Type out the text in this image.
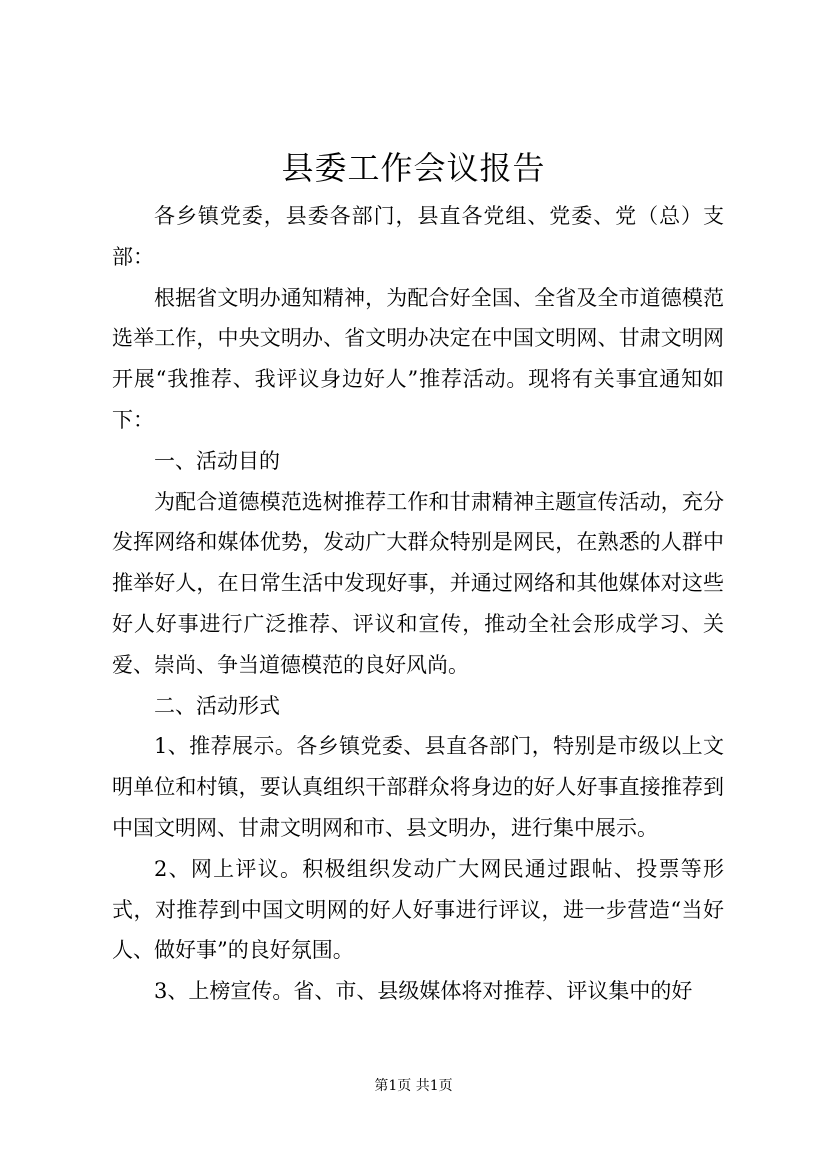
县委工作会议报告

各乡镇党委，县委各部门，县直各党组、党委、党（总）支部：

根据省文明办通知精神，为配合好全国、全省及全市道德模范选举工作，中央文明办、省文明办决定在中国文明网、甘肃文明网开展“我推荐、我评议身边好人”推荐活动。现将有关事宜通知如下：

一、活动目的

为配合道德模范选树推荐工作和甘肃精神主题宣传活动，充分发挥网络和媒体优势，发动广大群众特别是网民，在熟悉的人群中推举好人，在日常生活中发现好事，并通过网络和其他媒体对这些好人好事进行广泛推荐、评议和宣传，推动全社会形成学习、关爱、崇尚、争当道德模范的良好风尚。

二、活动形式

1、推荐展示。各乡镇党委、县直各部门，特别是市级以上文明单位和村镇，要认真组织干部群众将身边的好人好事直接推荐到中国文明网、甘肃文明网和市、县文明办，进行集中展示。

2、网上评议。积极组织发动广大网民通过跟帖、投票等形式，对推荐到中国文明网的好人好事进行评议，进一步营造“当好人、做好事”的良好氛围。

3、上榜宣传。省、市、县级媒体将对推荐、评议集中的好

第1页 共1页
